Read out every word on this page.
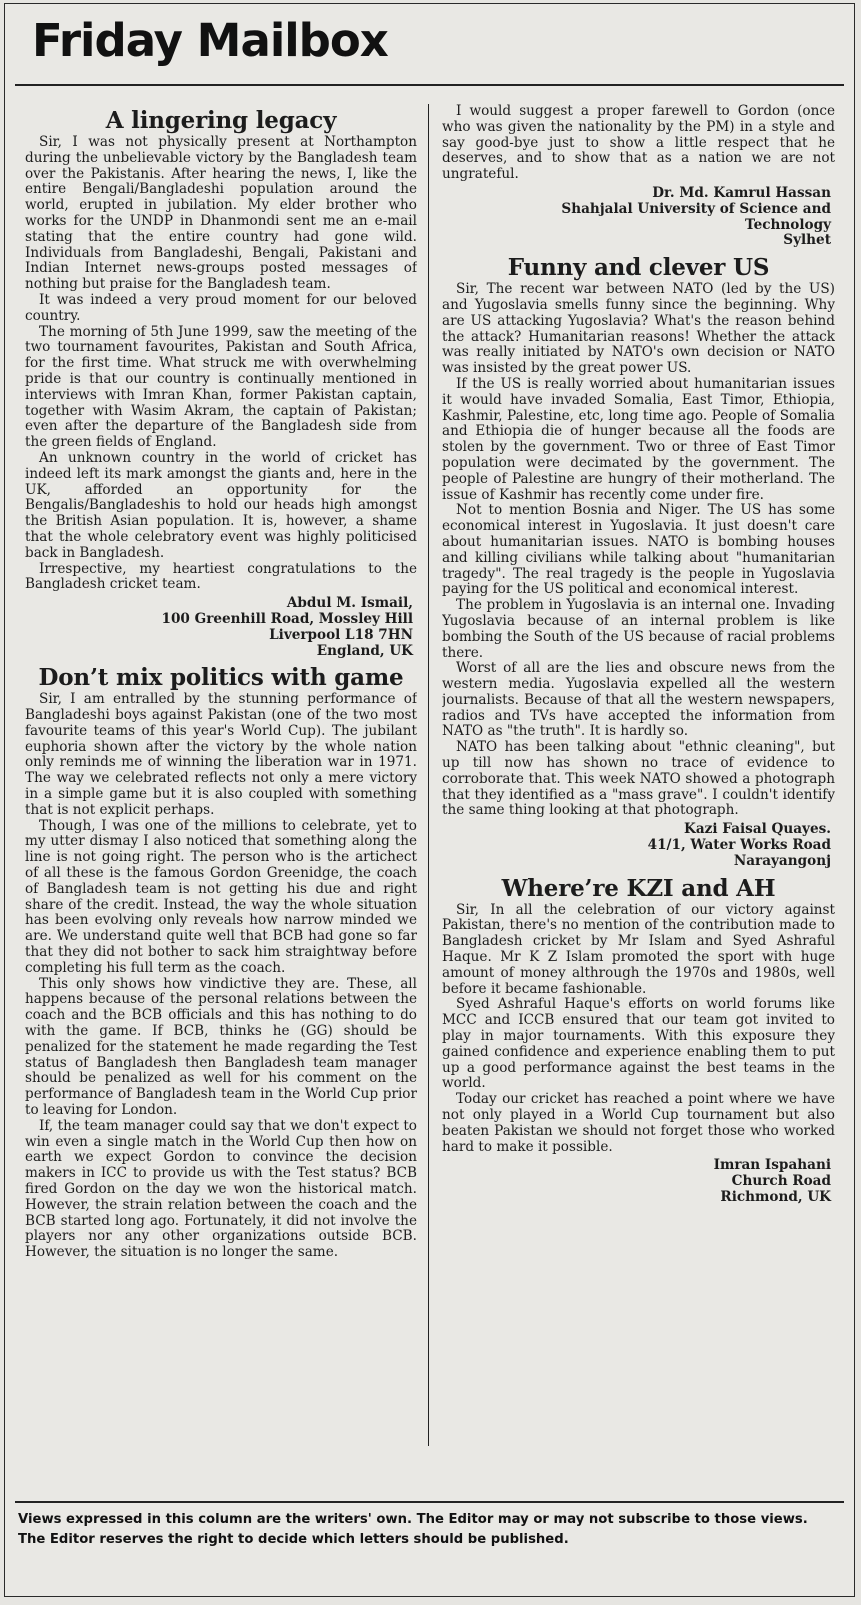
Friday Mailbox
A lingering legacy

Sir, I was not physically present at Northampton during the unbelievable victory by the Bangladesh team over the Pakistanis. After hearing the news, I, like the entire Bengali/Bangladeshi population around the world, erupted in jubilation. My elder brother who works for the UNDP in Dhanmondi sent me an e-mail stating that the entire country had gone wild. Individuals from Bangladeshi, Bengali, Pakistani and Indian Internet news-groups posted messages of nothing but praise for the Bangladesh team.

It was indeed a very proud moment for our beloved country.

The morning of 5th June 1999, saw the meeting of the two tournament favourites, Pakistan and South Africa, for the first time. What struck me with overwhelming pride is that our country is continually mentioned in interviews with Imran Khan, former Pakistan captain, together with Wasim Akram, the captain of Pakistan; even after the departure of the Bangladesh side from the green fields of England.

An unknown country in the world of cricket has indeed left its mark amongst the giants and, here in the UK, afforded an opportunity for the Bengalis/Bangladeshis to hold our heads high amongst the British Asian population. It is, however, a shame that the whole celebratory event was highly politicised back in Bangladesh.

Irrespective, my heartiest congratulations to the Bangladesh cricket team.

Abdul M. Ismail,
100 Greenhill Road, Mossley Hill
Liverpool L18 7HN
England, UK
Don’t mix politics with game

Sir, I am entralled by the stunning performance of Bangladeshi boys against Pakistan (one of the two most favourite teams of this year's World Cup). The jubilant euphoria shown after the victory by the whole nation only reminds me of winning the liberation war in 1971. The way we celebrated reflects not only a mere victory in a simple game but it is also coupled with something that is not explicit perhaps.

Though, I was one of the millions to celebrate, yet to my utter dismay I also noticed that something along the line is not going right. The person who is the artichect of all these is the famous Gordon Greenidge, the coach of Bangladesh team is not getting his due and right share of the credit. Instead, the way the whole situation has been evolving only reveals how narrow minded we are. We understand quite well that BCB had gone so far that they did not bother to sack him straightway before completing his full term as the coach.

This only shows how vindictive they are. These, all happens because of the personal relations between the coach and the BCB officials and this has nothing to do with the game. If BCB, thinks he (GG) should be penalized for the statement he made regarding the Test status of Bangladesh then Bangladesh team manager should be penalized as well for his comment on the performance of Bangladesh team in the World Cup prior to leaving for London.

If, the team manager could say that we don't expect to win even a single match in the World Cup then how on earth we expect Gordon to convince the decision makers in ICC to provide us with the Test status? BCB fired Gordon on the day we won the historical match. However, the strain relation between the coach and the BCB started long ago. Fortunately, it did not involve the players nor any other organizations outside BCB. However, the situation is no longer the same.

I would suggest a proper farewell to Gordon (once who was given the nationality by the PM) in a style and say good-bye just to show a little respect that he deserves, and to show that as a nation we are not ungrateful.

Dr. Md. Kamrul Hassan
Shahjalal University of Science and
Technology
Sylhet
Funny and clever US

Sir, The recent war between NATO (led by the US) and Yugoslavia smells funny since the beginning. Why are US attacking Yugoslavia? What's the reason behind the attack? Humanitarian reasons! Whether the attack was really initiated by NATO's own decision or NATO was insisted by the great power US.

If the US is really worried about humanitarian issues it would have invaded Somalia, East Timor, Ethiopia, Kashmir, Palestine, etc, long time ago. People of Somalia and Ethiopia die of hunger because all the foods are stolen by the government. Two or three of East Timor population were decimated by the government. The people of Palestine are hungry of their motherland. The issue of Kashmir has recently come under fire.

Not to mention Bosnia and Niger. The US has some economical interest in Yugoslavia. It just doesn't care about humanitarian issues. NATO is bombing houses and killing civilians while talking about "humanitarian tragedy". The real tragedy is the people in Yugoslavia paying for the US political and economical interest.

The problem in Yugoslavia is an internal one. Invading Yugoslavia because of an internal problem is like bombing the South of the US because of racial problems there.

Worst of all are the lies and obscure news from the western media. Yugoslavia expelled all the western journalists. Because of that all the western newspapers, radios and TVs have accepted the information from NATO as "the truth". It is hardly so.

NATO has been talking about "ethnic cleaning", but up till now has shown no trace of evidence to corroborate that. This week NATO showed a photograph that they identified as a "mass grave". I couldn't identify the same thing looking at that photograph.

Kazi Faisal Quayes.
41/1, Water Works Road
Narayangonj
Where’re KZI and AH

Sir, In all the celebration of our victory against Pakistan, there's no mention of the contribution made to Bangladesh cricket by Mr Islam and Syed Ashraful Haque. Mr K Z Islam promoted the sport with huge amount of money althrough the 1970s and 1980s, well before it became fashionable.

Syed Ashraful Haque's efforts on world forums like MCC and ICCB ensured that our team got invited to play in major tournaments. With this exposure they gained confidence and experience enabling them to put up a good performance against the best teams in the world.

Today our cricket has reached a point where we have not only played in a World Cup tournament but also beaten Pakistan we should not forget those who worked hard to make it possible.

Imran Ispahani
Church Road
Richmond, UK
Views expressed in this column are the writers' own. The Editor may or may not subscribe to those views. The Editor reserves the right to decide which letters should be published.
